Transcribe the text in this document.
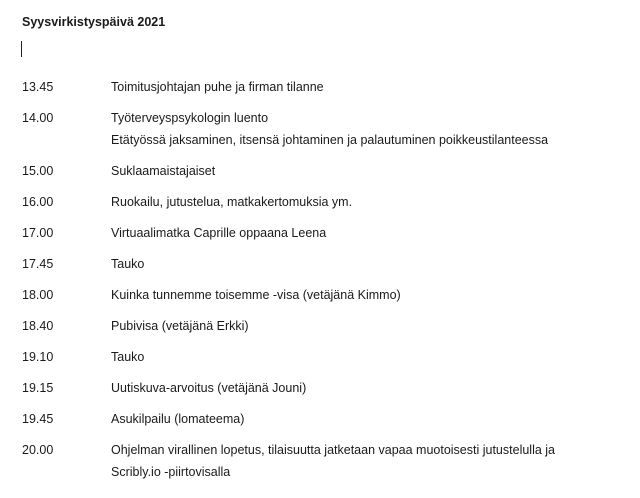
Syysvirkistyspäivä 2021
13.45	Toimitusjohtajan puhe ja firman tilanne
14.00	Työterveyspsykologin luento
Etätyössä jaksaminen, itsensä johtaminen ja palautuminen poikkeustilanteessa
15.00	Suklaamaistajaiset
16.00	Ruokailu, jutustelua, matkakertomuksia ym.
17.00	Virtuaalimatka Caprille oppaana Leena
17.45	Tauko
18.00	Kuinka tunnemme toisemme -visa (vetäjänä Kimmo)
18.40	Pubivisa (vetäjänä Erkki)
19.10	Tauko
19.15	Uutiskuva-arvoitus (vetäjänä Jouni)
19.45	Asukilpailu (lomateema)
20.00	Ohjelman virallinen lopetus, tilaisuutta jatketaan vapaa muotoisesti jutustelulla ja
Scribly.io -piirtovisalla
